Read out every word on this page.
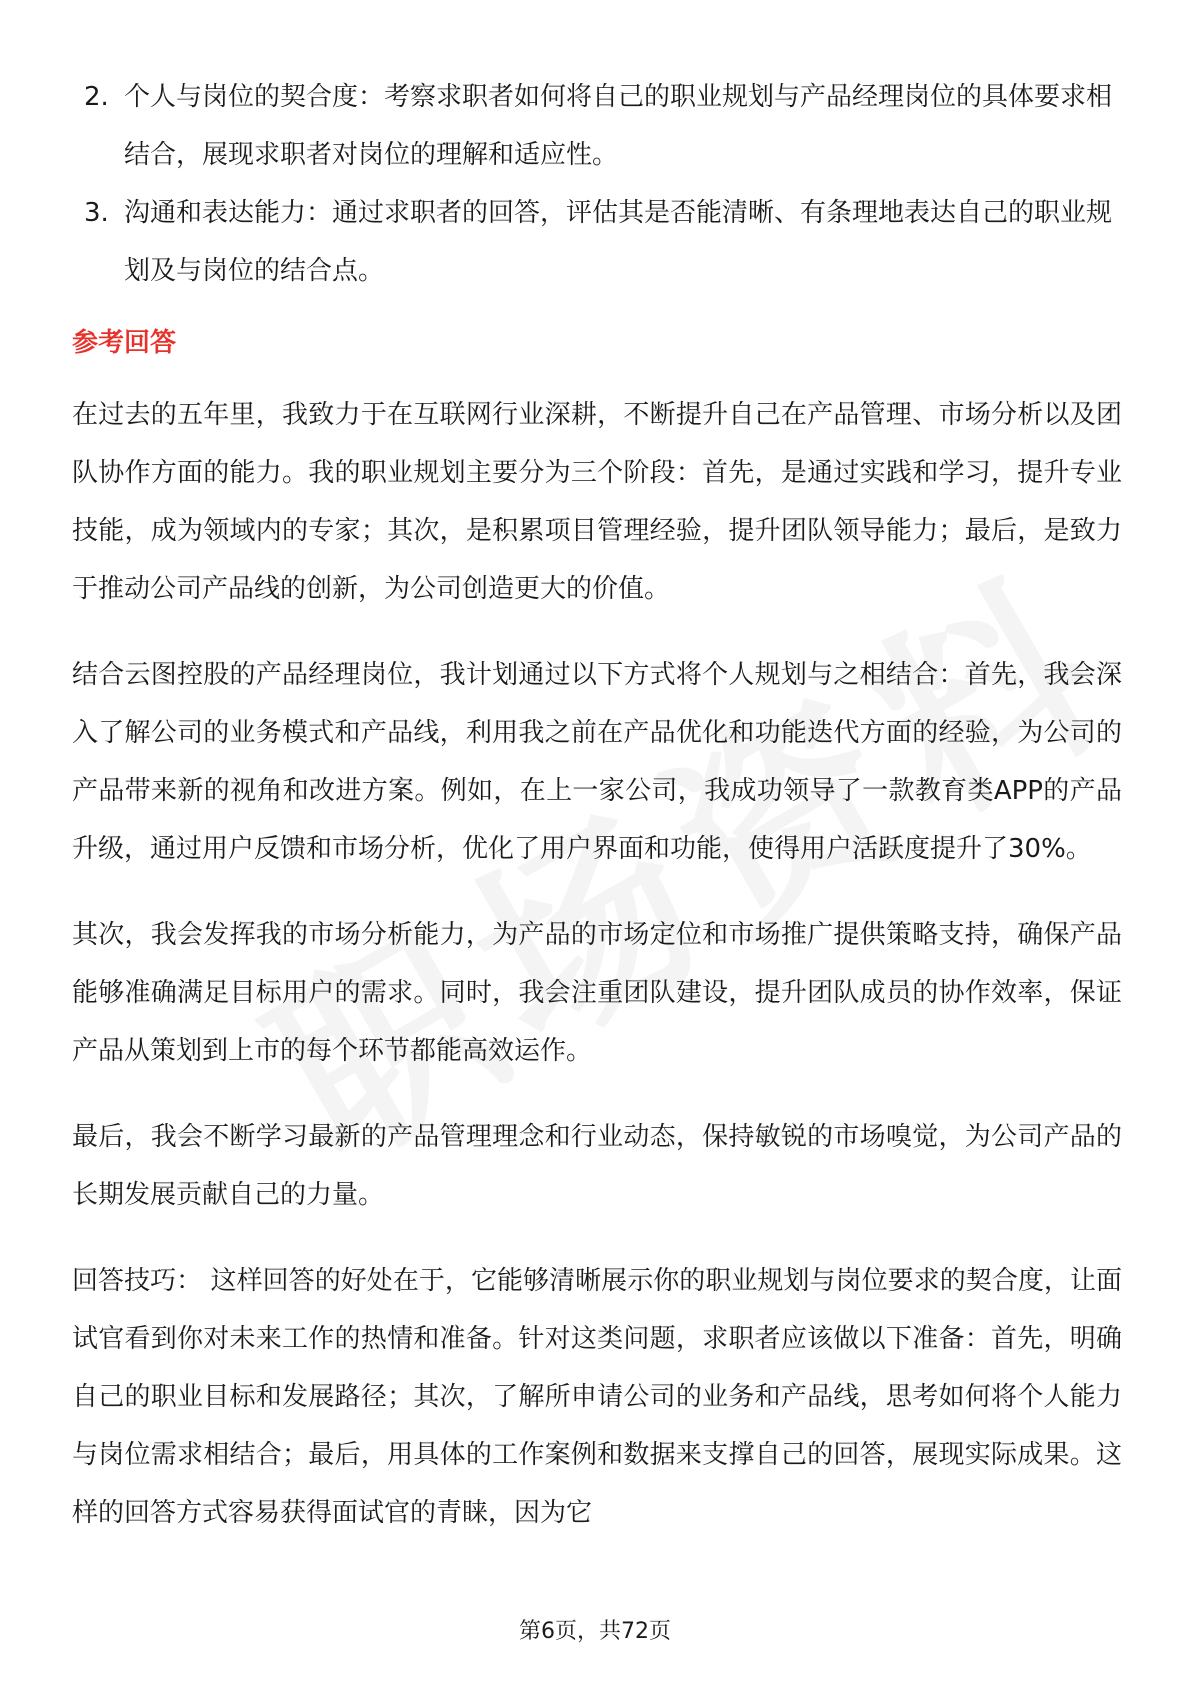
2. 个人与岗位的契合度：考察求职者如何将自己的职业规划与产品经理岗位的具体要求相结合，展现求职者对岗位的理解和适应性。
3. 沟通和表达能力：通过求职者的回答，评估其是否能清晰、有条理地表达自己的职业规划及与岗位的结合点。
参考回答

在过去的五年里，我致力于在互联网行业深耕，不断提升自己在产品管理、市场分析以及团队协作方面的能力。我的职业规划主要分为三个阶段：首先，是通过实践和学习，提升专业技能，成为领域内的专家；其次，是积累项目管理经验，提升团队领导能力；最后，是致力于推动公司产品线的创新，为公司创造更大的价值。

结合云图控股的产品经理岗位，我计划通过以下方式将个人规划与之相结合：首先，我会深入了解公司的业务模式和产品线，利用我之前在产品优化和功能迭代方面的经验，为公司的产品带来新的视角和改进方案。例如，在上一家公司，我成功领导了一款教育类APP的产品升级，通过用户反馈和市场分析，优化了用户界面和功能，使得用户活跃度提升了30%。

其次，我会发挥我的市场分析能力，为产品的市场定位和市场推广提供策略支持，确保产品能够准确满足目标用户的需求。同时，我会注重团队建设，提升团队成员的协作效率，保证产品从策划到上市的每个环节都能高效运作。

最后，我会不断学习最新的产品管理理念和行业动态，保持敏锐的市场嗅觉，为公司产品的长期发展贡献自己的力量。

回答技巧： 这样回答的好处在于，它能够清晰展示你的职业规划与岗位要求的契合度，让面试官看到你对未来工作的热情和准备。针对这类问题，求职者应该做以下准备：首先，明确自己的职业目标和发展路径；其次，了解所申请公司的业务和产品线，思考如何将个人能力与岗位需求相结合；最后，用具体的工作案例和数据来支撑自己的回答，展现实际成果。这样的回答方式容易获得面试官的青睐，因为它

第6页，共72页
